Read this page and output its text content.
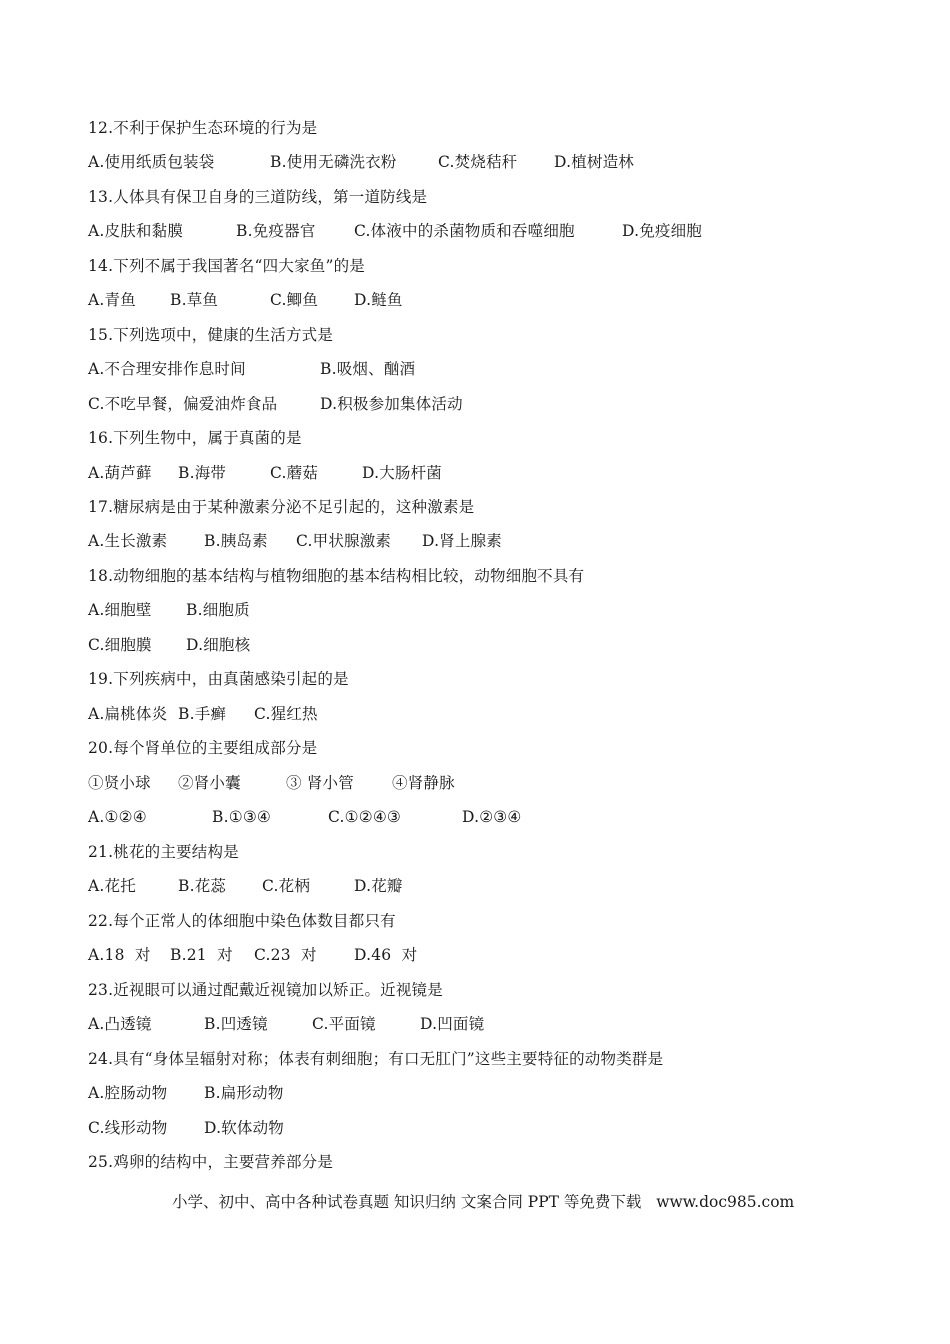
12.不利于保护生态环境的行为是

A.使用纸质包装袋

	B.使用无磷洗衣粉

	C.焚烧秸秆

D.植树造林

13.人体具有保卫自身的三道防线，第一道防线是

A.皮肤和黏膜

	B.免疫器官

C.体液中的杀菌物质和吞噬细胞

	D.免疫细胞

14.下列不属于我国著名“四大家鱼”的是

A.青鱼

B.草鱼

	C.鲫鱼

D.鲢鱼

15.下列选项中，健康的生活方式是

A.不合理安排作息时间

	B.吸烟、酗酒

C.不吃早餐，偏爱油炸食品

	D.积极参加集体活动

16.下列生物中，属于真菌的是

A.葫芦藓

B.海带

	C.蘑菇

	D.大肠杆菌

17.糖尿病是由于某种激素分泌不足引起的，这种激素是

A.生长激素

B.胰岛素

C.甲状腺激素

D.肾上腺素

18.动物细胞的基本结构与植物细胞的基本结构相比较，动物细胞不具有

A.细胞壁

B.细胞质

C.细胞膜

D.细胞核

19.下列疾病中，由真菌感染引起的是

A.扁桃体炎

B.手癣

C.猩红热

20.每个肾单位的主要组成部分是

①贤小球

②肾小囊

	③ 肾小管

④肾静脉

A.①②④

	B.①③④

	C.①②④③

	D.②③④

21.桃花的主要结构是

A.花托

	B.花蕊

C.花柄

	D.花瓣

22.每个正常人的体细胞中染色体数目都只有

A.18  对

B.21  对

C.23  对

D.46  对

23.近视眼可以通过配戴近视镜加以矫正。近视镜是

A.凸透镜

	B.凹透镜

	C.平面镜

	D.凹面镜

24.具有“身体呈辐射对称；体表有刺细胞；有口无肛门”这些主要特征的动物类群是

A.腔肠动物

B.扁形动物

C.线形动物

D.软体动物

25.鸡卵的结构中，主要营养部分是
小学、初中、高中各种试卷真题 知识归纳 文案合同 PPT 等免费下载   www.doc985.com
